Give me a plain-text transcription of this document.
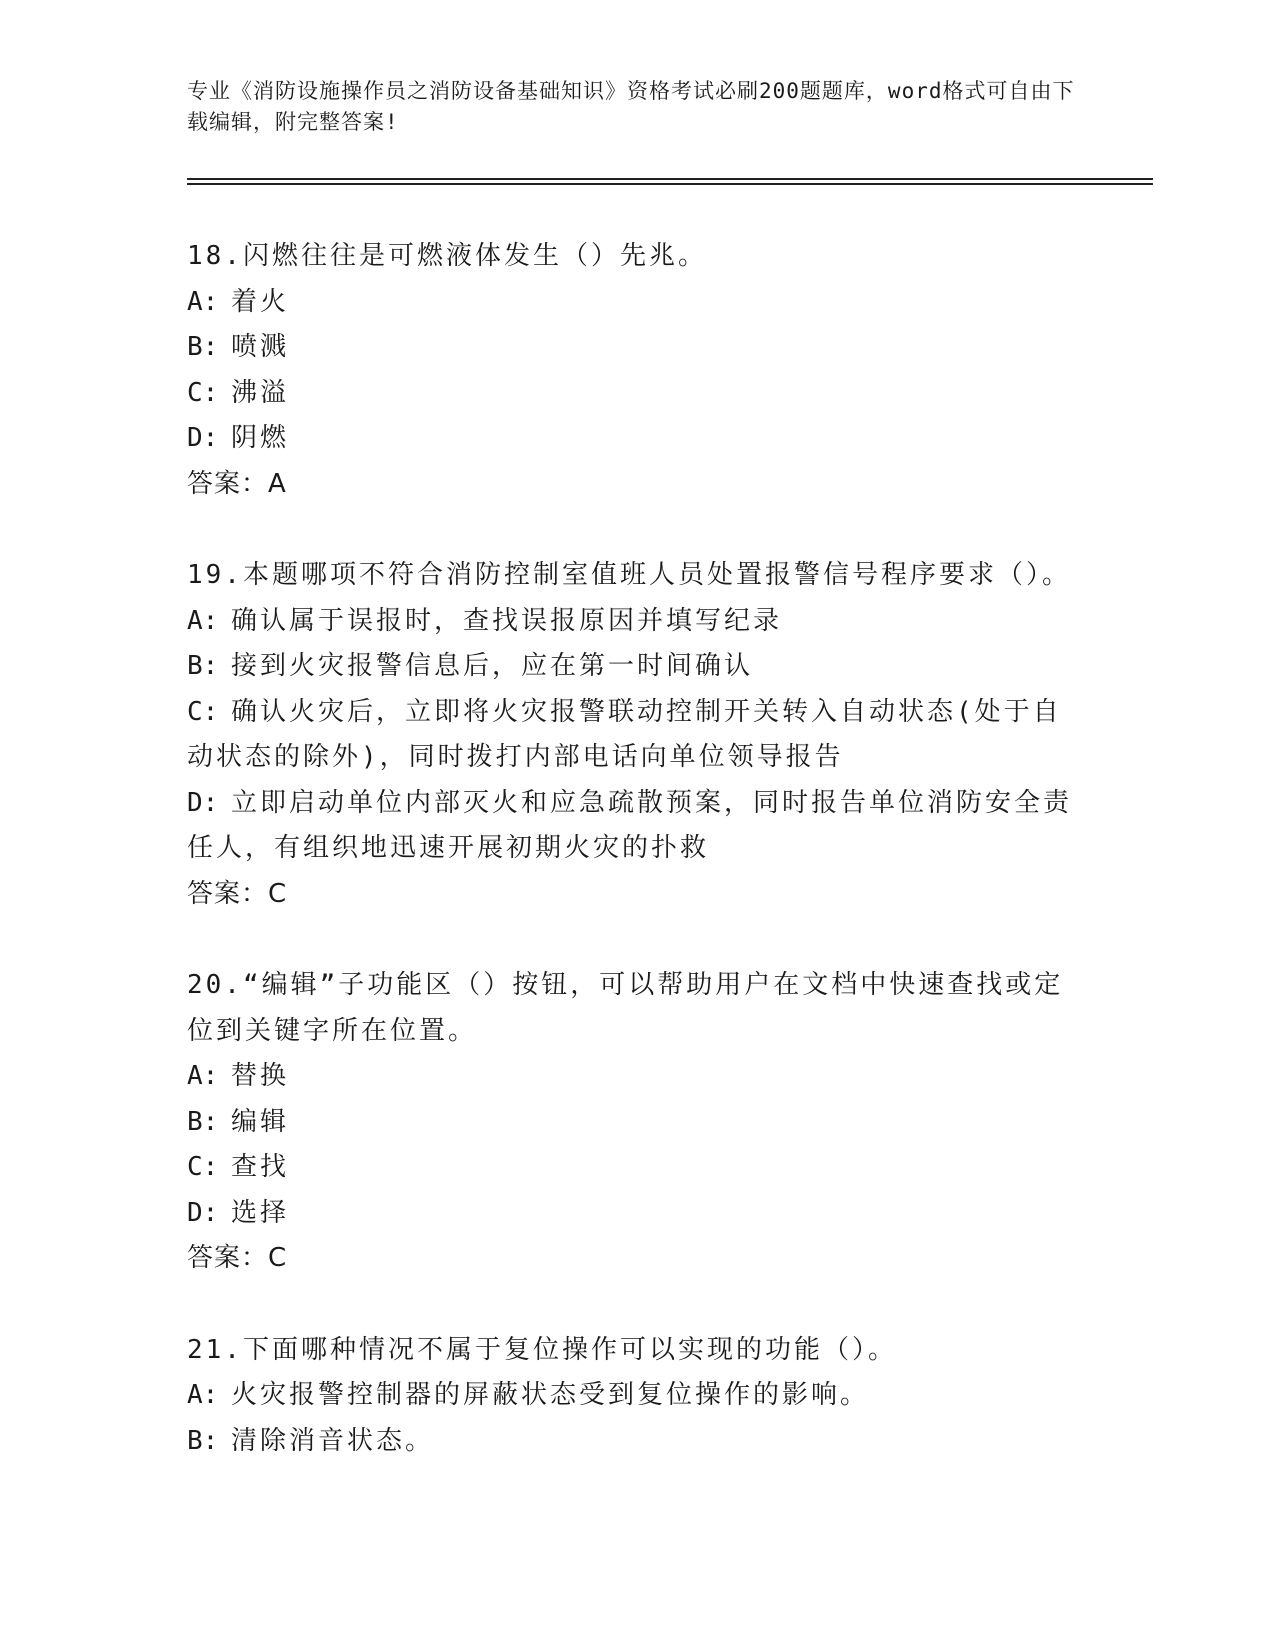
专业《消防设施操作员之消防设备基础知识》资格考试必刷200题题库，word格式可自由下载编辑，附完整答案!
18.闪燃往往是可燃液体发生（）先兆。
A: 着火
B: 喷溅
C: 沸溢
D: 阴燃
答案：A
19.本题哪项不符合消防控制室值班人员处置报警信号程序要求（）。
A: 确认属于误报时，查找误报原因并填写纪录
B: 接到火灾报警信息后，应在第一时间确认
C: 确认火灾后，立即将火灾报警联动控制开关转入自动状态(处于自动状态的除外)，同时拨打内部电话向单位领导报告
D: 立即启动单位内部灭火和应急疏散预案，同时报告单位消防安全责任人，有组织地迅速开展初期火灾的扑救
答案：C
20.“编辑”子功能区（）按钮，可以帮助用户在文档中快速查找或定位到关键字所在位置。
A: 替换
B: 编辑
C: 查找
D: 选择
答案：C
21.下面哪种情况不属于复位操作可以实现的功能（）。
A: 火灾报警控制器的屏蔽状态受到复位操作的影响。
B: 清除消音状态。
